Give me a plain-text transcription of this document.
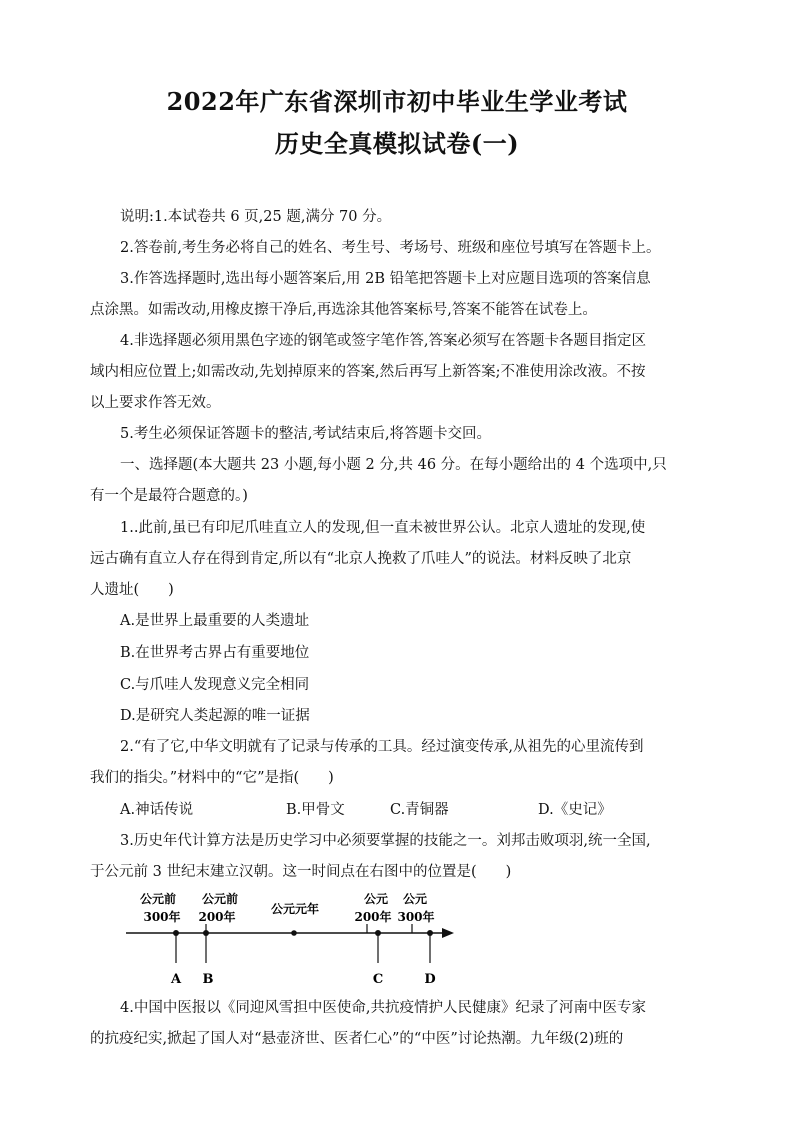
2022年广东省深圳市初中毕业生学业考试
历史全真模拟试卷(一)
说明:1.本试卷共 6 页,25 题,满分 70 分。
2.答卷前,考生务必将自己的姓名、考生号、考场号、班级和座位号填写在答题卡上。
3.作答选择题时,选出每小题答案后,用 2B 铅笔把答题卡上对应题目选项的答案信息
点涂黑。如需改动,用橡皮擦干净后,再选涂其他答案标号,答案不能答在试卷上。
4.非选择题必须用黑色字迹的钢笔或签字笔作答,答案必须写在答题卡各题目指定区
域内相应位置上;如需改动,先划掉原来的答案,然后再写上新答案;不准使用涂改液。不按
以上要求作答无效。
5.考生必须保证答题卡的整洁,考试结束后,将答题卡交回。
一、选择题(本大题共 23 小题,每小题 2 分,共 46 分。在每小题给出的 4 个选项中,只
有一个是最符合题意的。)
1..此前,虽已有印尼爪哇直立人的发现,但一直未被世界公认。北京人遗址的发现,使
远古确有直立人存在得到肯定,所以有“北京人挽救了爪哇人”的说法。材料反映了北京
人遗址(　　)
A.是世界上最重要的人类遗址
B.在世界考古界占有重要地位
C.与爪哇人发现意义完全相同
D.是研究人类起源的唯一证据
2.“有了它,中华文明就有了记录与传承的工具。经过演变传承,从祖先的心里流传到
我们的指尖。”材料中的“它”是指(　　)
A.神话传说	B.甲骨文	C.青铜器	D.《史记》
3.历史年代计算方法是历史学习中必须要掌握的技能之一。刘邦击败项羽,统一全国,
于公元前 3 世纪末建立汉朝。这一时间点在右图中的位置是(　　)
公元前
300年
公元前
200年
公元元年
公元
200年
公元
300年
A B	C	D
4.中国中医报以《同迎风雪担中医使命,共抗疫情护人民健康》纪录了河南中医专家
的抗疫纪实,掀起了国人对“悬壶济世、医者仁心”的“中医”讨论热潮。九年级(2)班的
